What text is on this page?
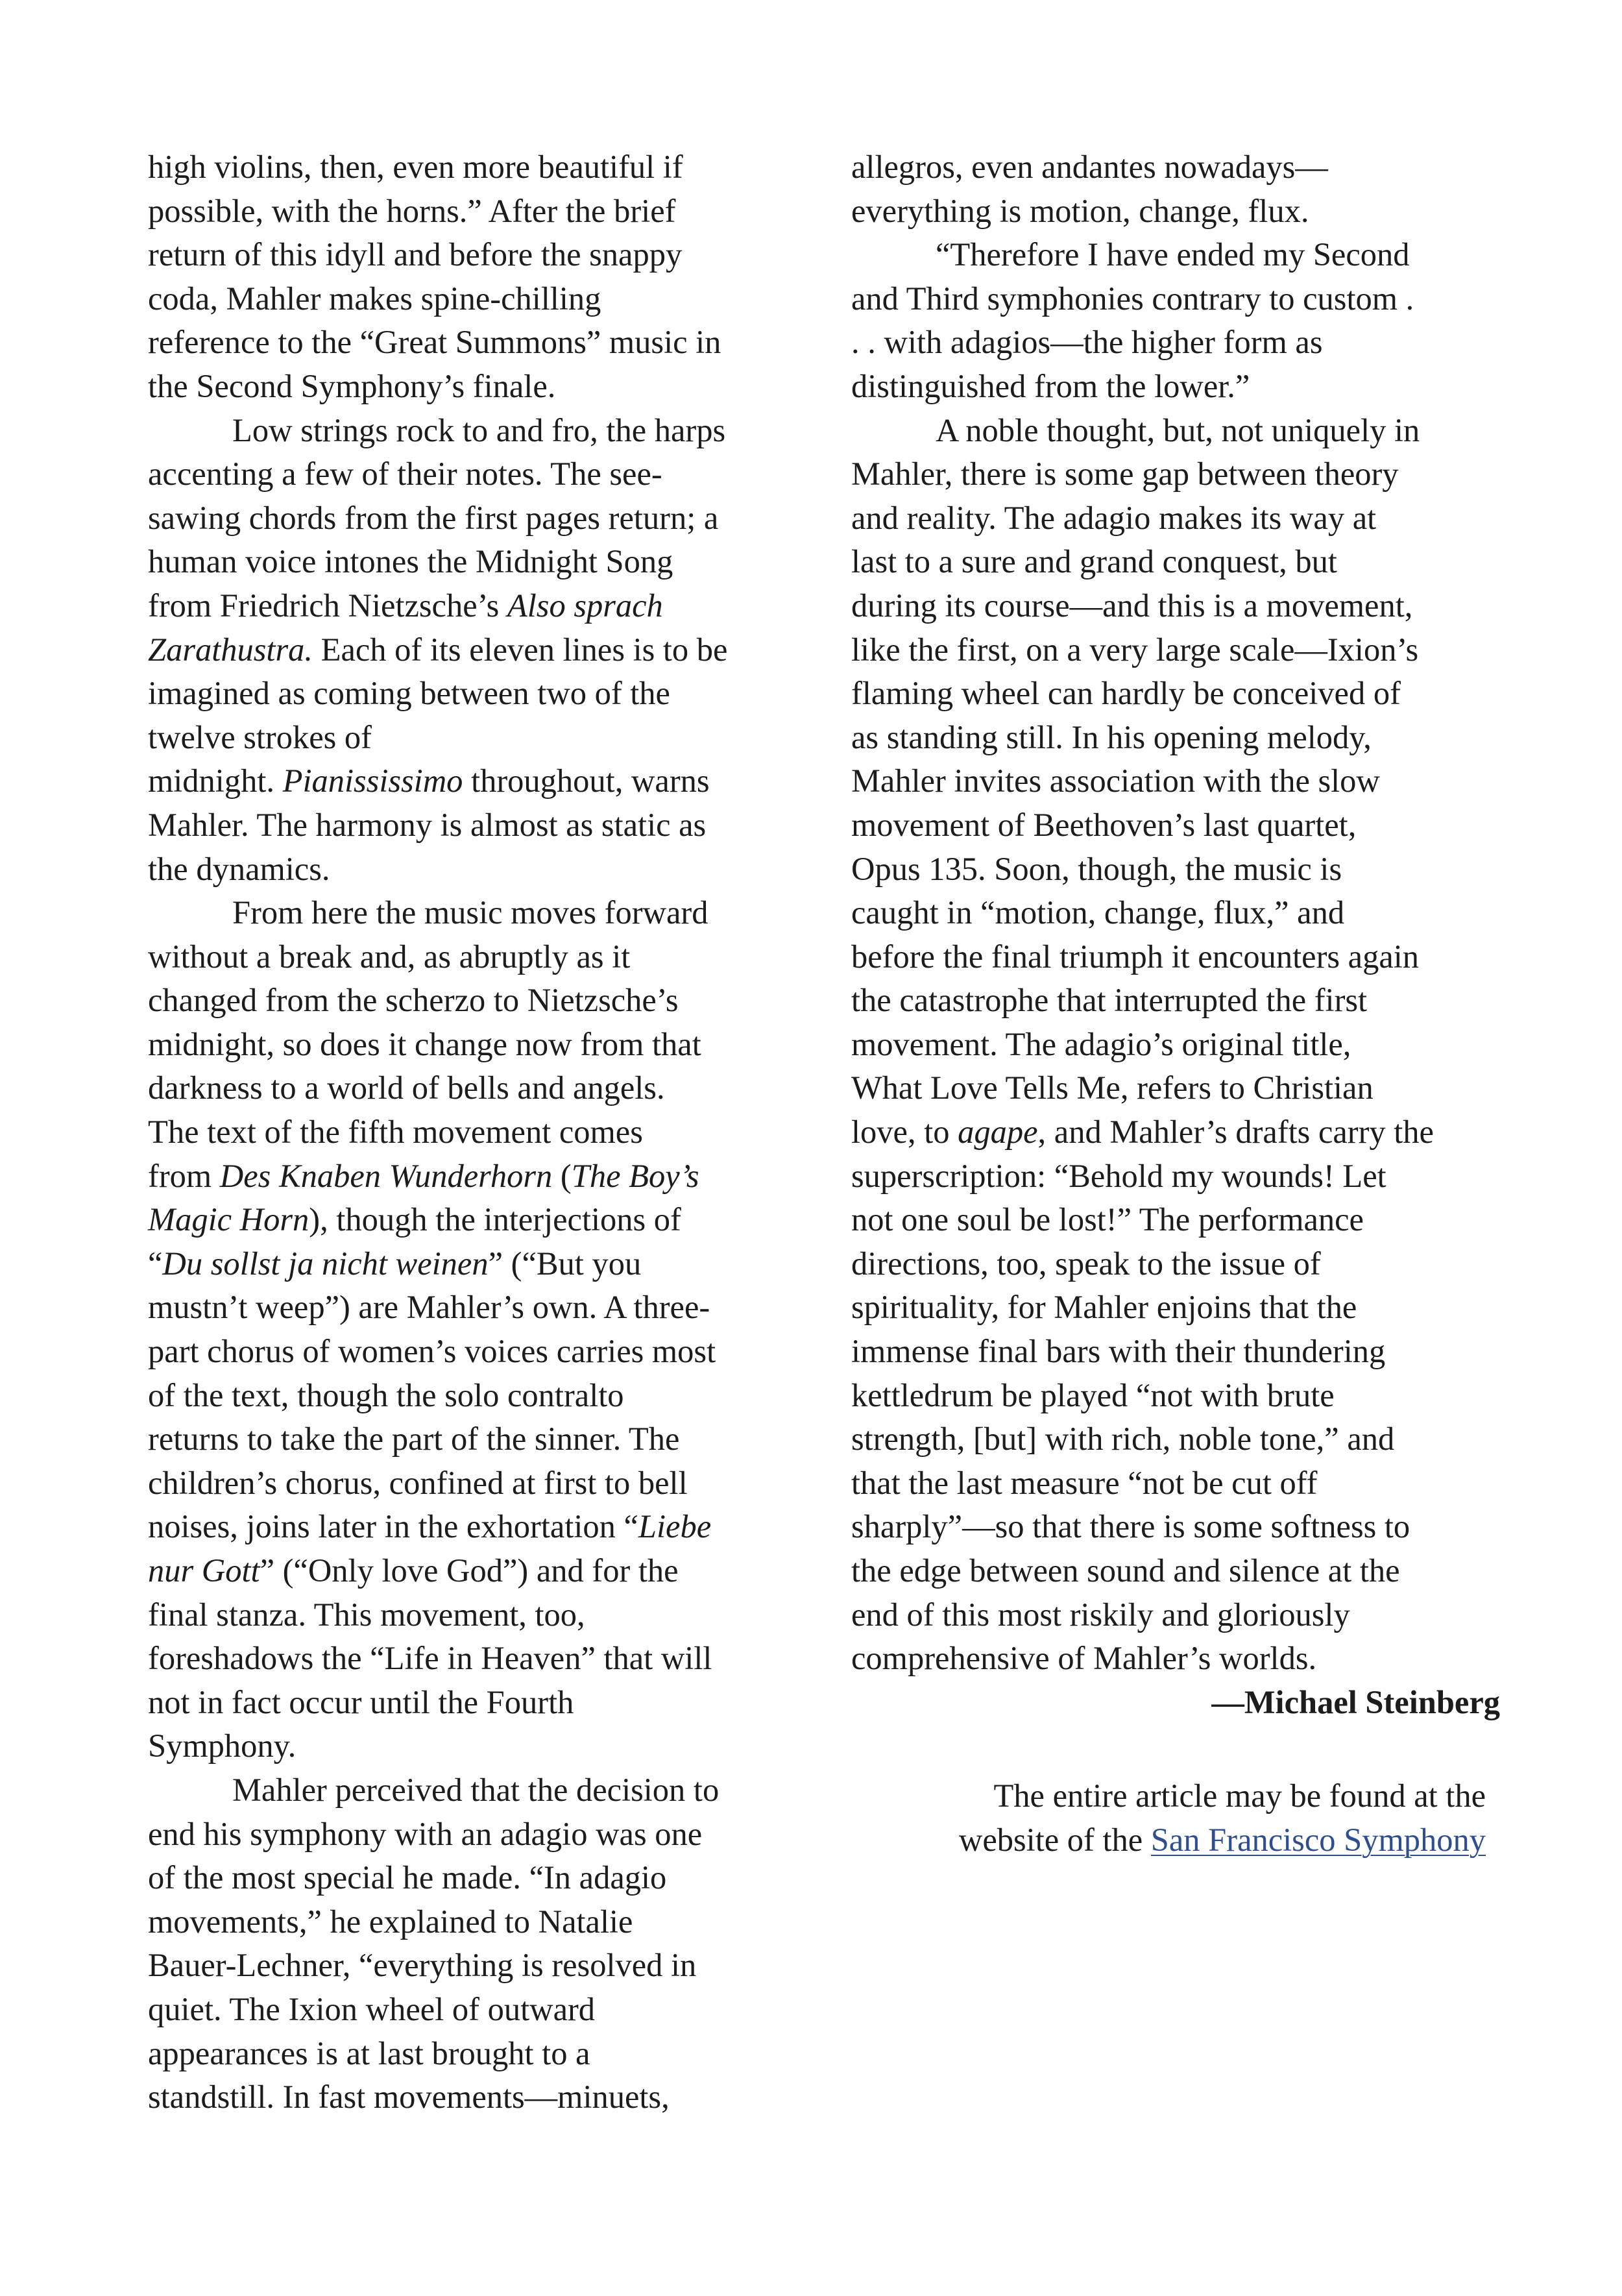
high violins, then, even more beautiful if
possible, with the horns.” After the brief
return of this idyll and before the snappy
coda, Mahler makes spine-chilling
reference to the “Great Summons” music in
the Second Symphony’s finale.
Low strings rock to and fro, the harps
accenting a few of their notes. The see-
sawing chords from the first pages return; a
human voice intones the Midnight Song
from Friedrich Nietzsche’s Also sprach
Zarathustra. Each of its eleven lines is to be
imagined as coming between two of the
twelve strokes of
midnight. Pianississimo throughout, warns
Mahler. The harmony is almost as static as
the dynamics.
From here the music moves forward
without a break and, as abruptly as it
changed from the scherzo to Nietzsche’s
midnight, so does it change now from that
darkness to a world of bells and angels.
The text of the fifth movement comes
from Des Knaben Wunderhorn (The Boy’s
Magic Horn), though the interjections of
“Du sollst ja nicht weinen” (“But you
mustn’t weep”) are Mahler’s own. A three-
part chorus of women’s voices carries most
of the text, though the solo contralto
returns to take the part of the sinner. The
children’s chorus, confined at first to bell
noises, joins later in the exhortation “Liebe
nur Gott” (“Only love God”) and for the
final stanza. This movement, too,
foreshadows the “Life in Heaven” that will
not in fact occur until the Fourth
Symphony.
Mahler perceived that the decision to
end his symphony with an adagio was one
of the most special he made. “In adagio
movements,” he explained to Natalie
Bauer-Lechner, “everything is resolved in
quiet. The Ixion wheel of outward
appearances is at last brought to a
standstill. In fast movements—minuets,
allegros, even andantes nowadays—
everything is motion, change, flux.
“Therefore I have ended my Second
and Third symphonies contrary to custom .
. . with adagios—the higher form as
distinguished from the lower.”
A noble thought, but, not uniquely in
Mahler, there is some gap between theory
and reality. The adagio makes its way at
last to a sure and grand conquest, but
during its course—and this is a movement,
like the first, on a very large scale—Ixion’s
flaming wheel can hardly be conceived of
as standing still. In his opening melody,
Mahler invites association with the slow
movement of Beethoven’s last quartet,
Opus 135. Soon, though, the music is
caught in “motion, change, flux,” and
before the final triumph it encounters again
the catastrophe that interrupted the first
movement. The adagio’s original title,
What Love Tells Me, refers to Christian
love, to agape, and Mahler’s drafts carry the
superscription: “Behold my wounds! Let
not one soul be lost!” The performance
directions, too, speak to the issue of
spirituality, for Mahler enjoins that the
immense final bars with their thundering
kettledrum be played “not with brute
strength, [but] with rich, noble tone,” and
that the last measure “not be cut off
sharply”—so that there is some softness to
the edge between sound and silence at the
end of this most riskily and gloriously
comprehensive of Mahler’s worlds.
—Michael Steinberg
The entire article may be found at the
website of the San Francisco Symphony
